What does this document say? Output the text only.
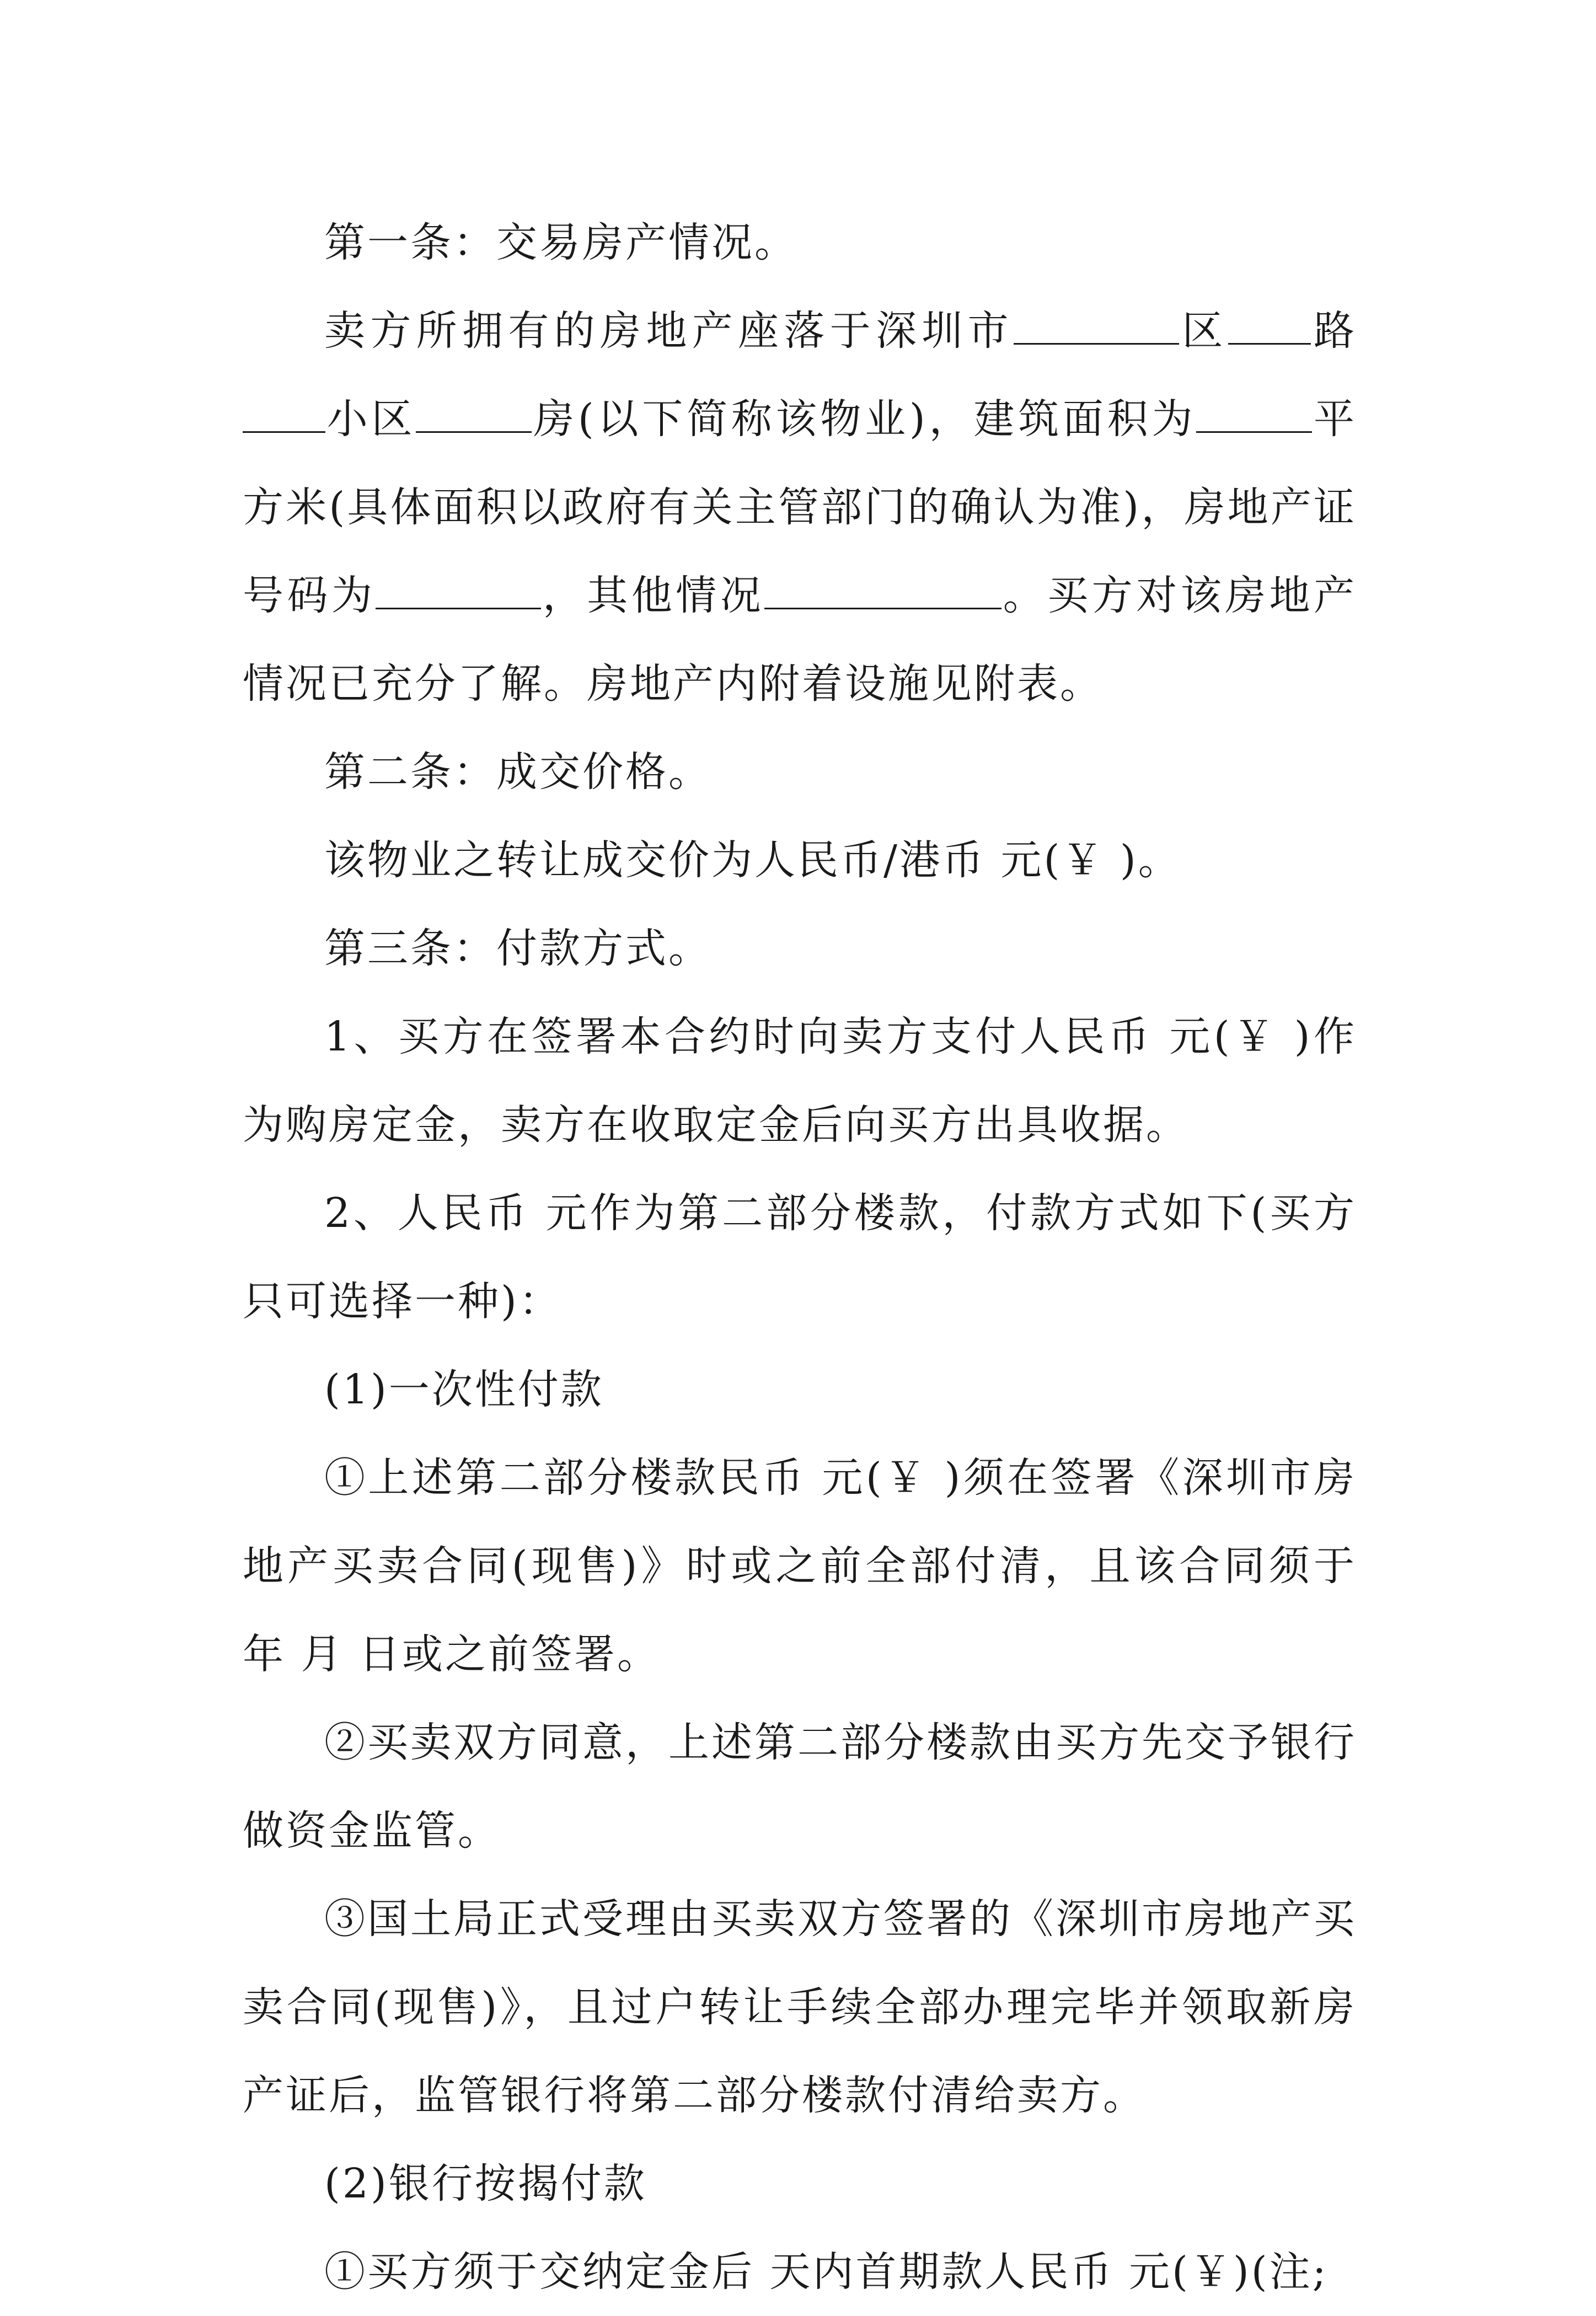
第一条：交易房产情况。

卖方所拥有的房地产座落于深圳市	区 路小区	房(以下简称该物业)，建筑面积为	平方米(具体面积以政府有关主管部门的确认为准)，房地产证号码为	，其他情况	。买方对该房地产情况已充分了解。房地产内附着设施见附表。

第二条：成交价格。

该物业之转让成交价为人民币/港币 元(￥ )。

第三条：付款方式。

1、买方在签署本合约时向卖方支付人民币 元(￥ )作为购房定金，卖方在收取定金后向买方出具收据。

2、人民币 元作为第二部分楼款，付款方式如下(买方只可选择一种)：

(1)一次性付款

①上述第二部分楼款民币 元(￥ )须在签署《深圳市房地产买卖合同(现售)》时或之前全部付清，且该合同须于 年 月 日或之前签署。

②买卖双方同意，上述第二部分楼款由买方先交予银行做资金监管。

③国土局正式受理由买卖双方签署的《深圳市房地产买卖合同(现售)》，且过户转让手续全部办理完毕并领取新房产证后，监管银行将第二部分楼款付清给卖方。

(2)银行按揭付款

①买方须于交纳定金后 天内首期款人民币 元(￥)(注;
